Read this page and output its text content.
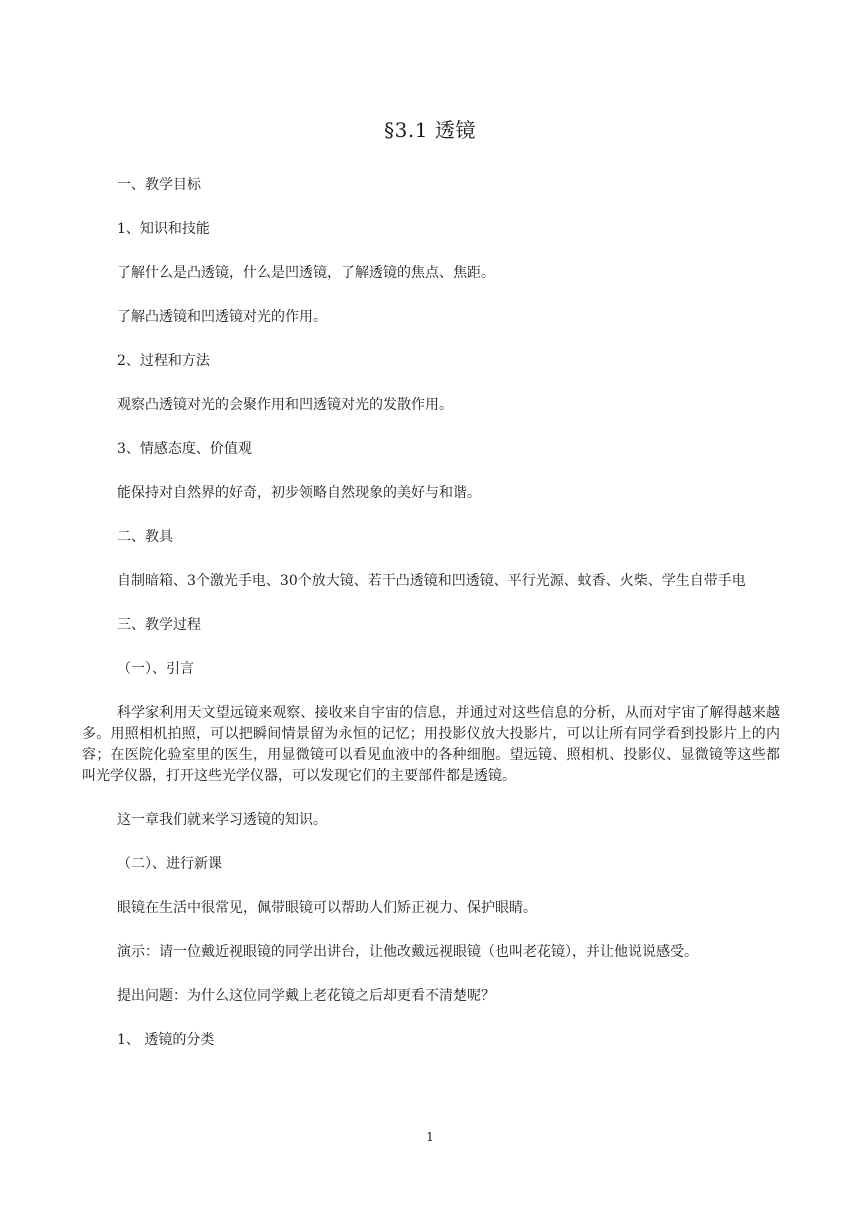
§3.1 透镜

一、教学目标

1、知识和技能

了解什么是凸透镜，什么是凹透镜，了解透镜的焦点、焦距。

了解凸透镜和凹透镜对光的作用。

2、过程和方法

观察凸透镜对光的会聚作用和凹透镜对光的发散作用。

3、情感态度、价值观

能保持对自然界的好奇，初步领略自然现象的美好与和谐。

二、教具

自制暗箱、3个激光手电、30个放大镜、若干凸透镜和凹透镜、平行光源、蚊香、火柴、学生自带手电

三、教学过程

（一）、引言

科学家利用天文望远镜来观察、接收来自宇宙的信息，并通过对这些信息的分析，从而对宇宙了解得越来越多。用照相机拍照，可以把瞬间情景留为永恒的记忆；用投影仪放大投影片，可以让所有同学看到投影片上的内容；在医院化验室里的医生，用显微镜可以看见血液中的各种细胞。望远镜、照相机、投影仪、显微镜等这些都叫光学仪器，打开这些光学仪器，可以发现它们的主要部件都是透镜。

这一章我们就来学习透镜的知识。

（二）、进行新课

眼镜在生活中很常见，佩带眼镜可以帮助人们矫正视力、保护眼睛。

演示：请一位戴近视眼镜的同学出讲台，让他改戴远视眼镜（也叫老花镜），并让他说说感受。

提出问题：为什么这位同学戴上老花镜之后却更看不清楚呢？

1、 透镜的分类

1
